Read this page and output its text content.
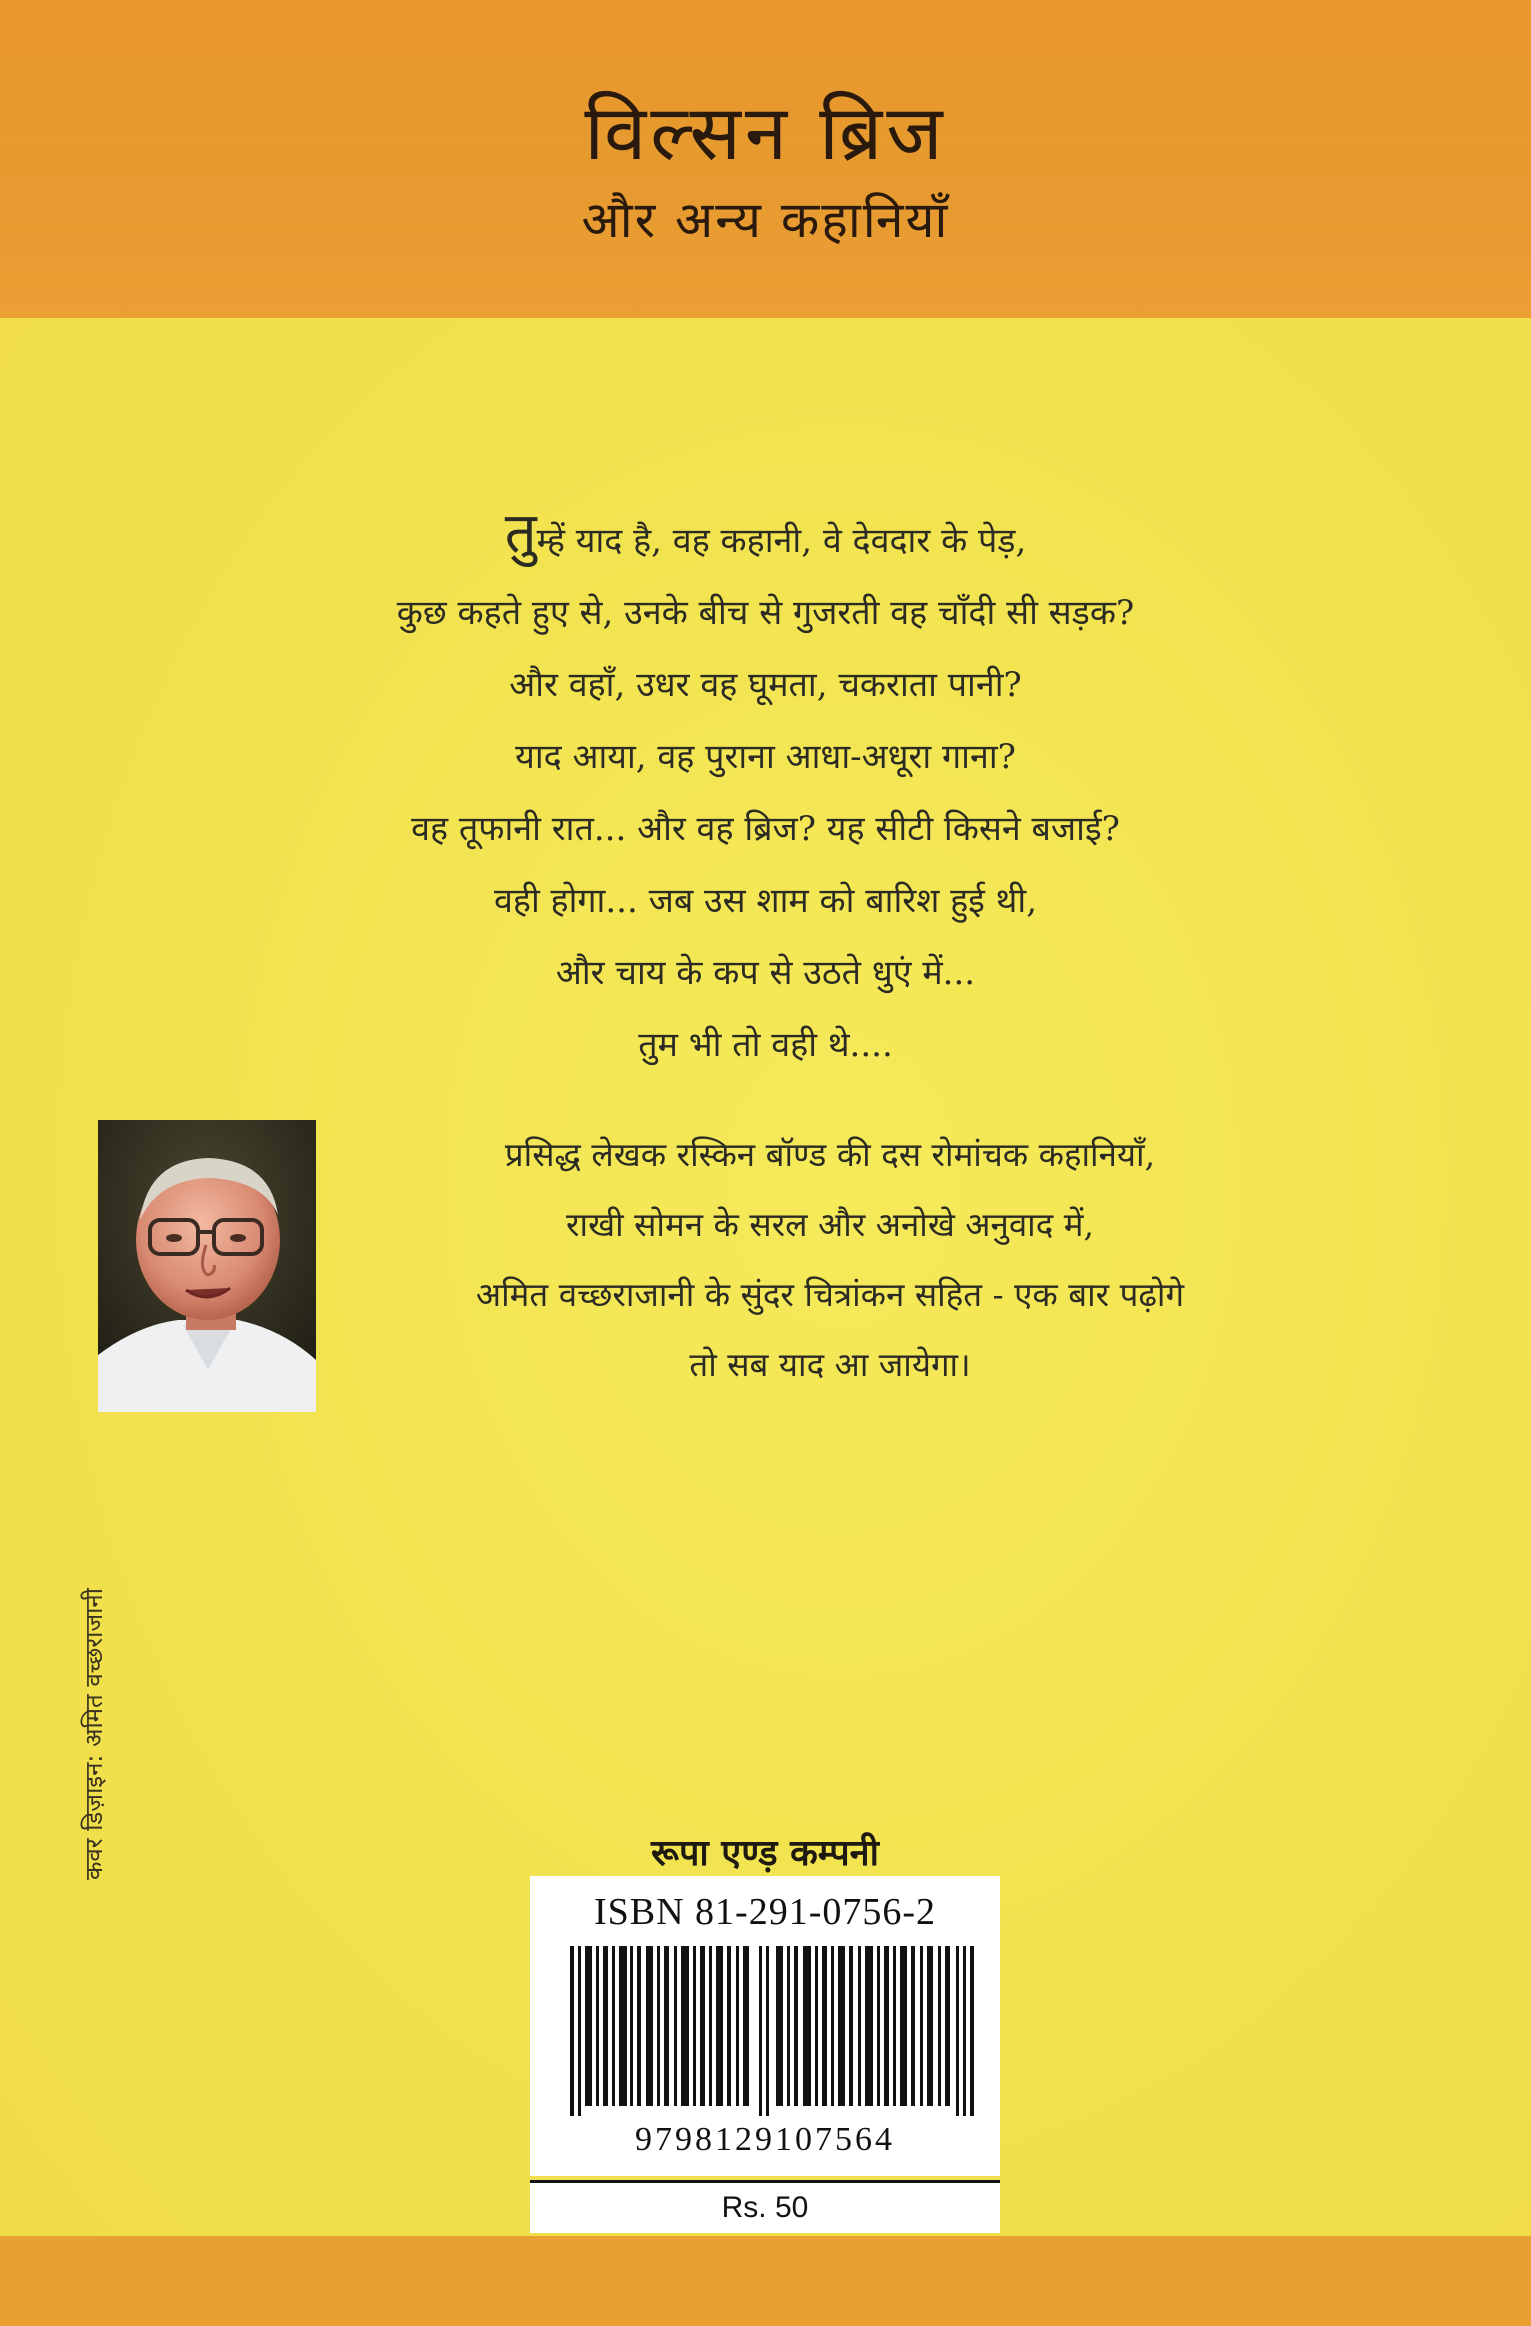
विल्सन ब्रिज
और अन्य कहानियाँ
तुम्हें याद है, वह कहानी, वे देवदार के पेड़,
कुछ कहते हुए से, उनके बीच से गुजरती वह चाँदी सी सड़क?
और वहाँ, उधर वह घूमता, चकराता पानी?
याद आया, वह पुराना आधा-अधूरा गाना?
वह तूफानी रात... और वह ब्रिज? यह सीटी किसने बजाई?
वही होगा... जब उस शाम को बारिश हुई थी,
और चाय के कप से उठते धुएं में...
तुम भी तो वही थे....
प्रसिद्ध लेखक रस्किन बॉण्ड की दस रोमांचक कहानियाँ,
राखी सोमन के सरल और अनोखे अनुवाद में,
अमित वच्छराजानी के सुंदर चित्रांकन सहित - एक बार पढ़ोगे
तो सब याद आ जायेगा।
कवर डिज़ाइन: अमित वच्छराजानी	रूपा एण्ड़ कम्पनी
ISBN 81-291-0756-2
9798129107564
Rs. 50
